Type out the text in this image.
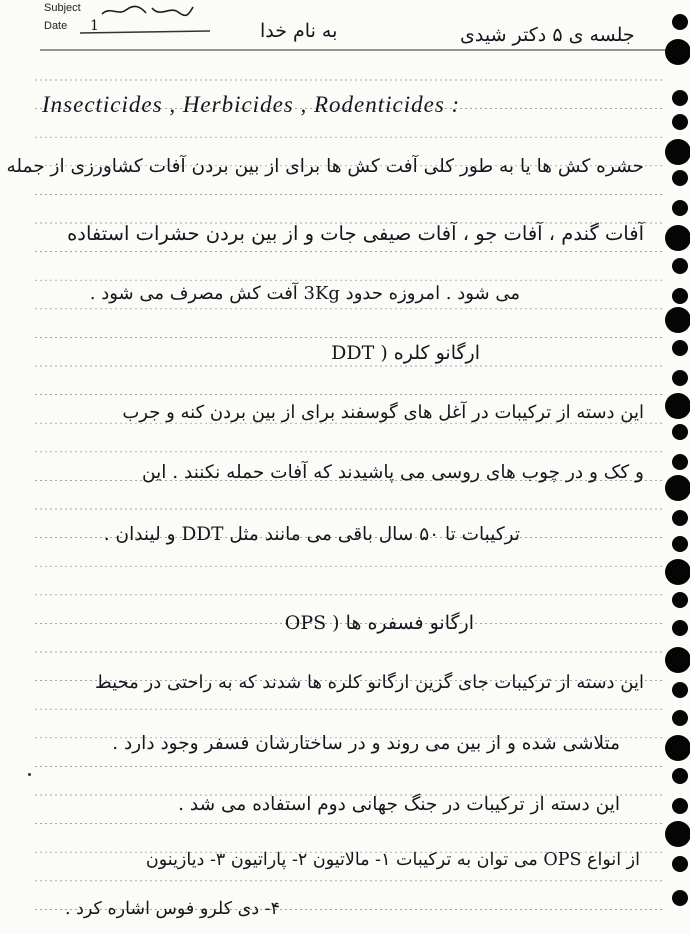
Subject
Date 1	به نام خدا	جلسه ی ۵ دکتر شیدی
Insecticides , Herbicides , Rodenticides :
حشره کش ها یا به طور کلی آفت کش ها برای از بین بردن آفات کشاورزی از جمله
آفات گندم ، آفات جو ، آفات صیفی جات و از بین بردن حشرات استفاده
می شود . امروزه حدود 3Kg آفت کش مصرف می شود .
ارگانو کلره ( DDT
این دسته از ترکیبات در آغل های گوسفند برای از بین بردن کنه و جرب
و کک و در چوب های روسی می پاشیدند که آفات حمله نکنند . این
ترکیبات تا ۵۰ سال باقی می مانند مثل DDT و لیندان .
ارگانو فسفره ها ( OPS
این دسته از ترکیبات جای گزین ارگانو کلره ها شدند که به راحتی در محیط
متلاشی شده و از بین می روند و در ساختارشان فسفر وجود دارد .
این دسته از ترکیبات در جنگ جهانی دوم استفاده می شد .
از انواع OPS می توان به ترکیبات ۱- مالاتیون ۲- پاراتیون ۳- دیازینون
۴- دی کلرو فوس اشاره کرد .
